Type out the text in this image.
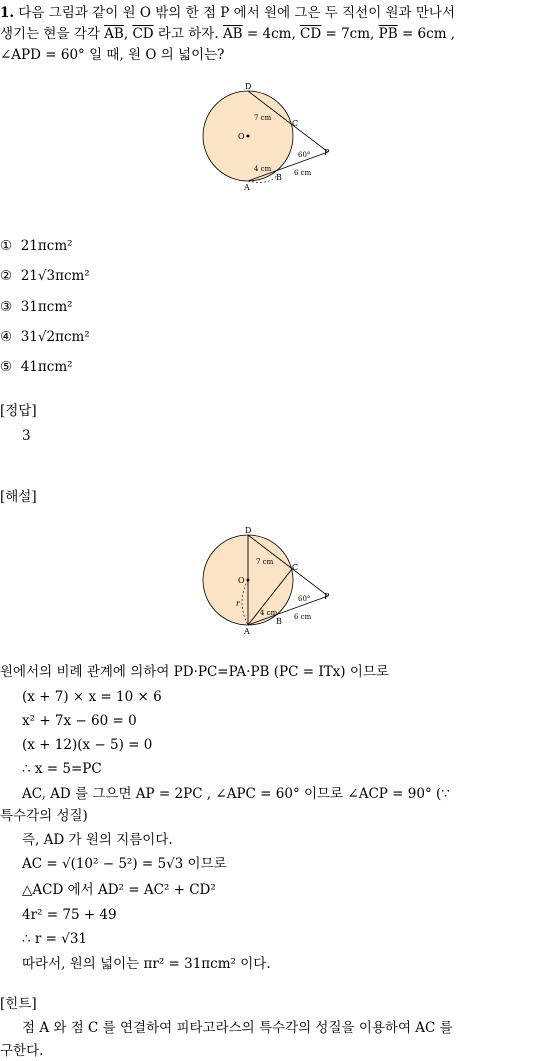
1. 다음 그림과 같이 원 O 밖의 한 점 P 에서 원에 그은 두 직선이 원과 만나서
생기는 현을 각각 $\overline{AB}$, $\overline{CD}$ 라고 하자. $\overline{AB} = 4cm$, $\overline{CD} = 7cm$, $\overline{PB} = 6cm$ ,
∠APD = 60° 일 때, 원 O 의 넓이는?
D
O
C
P
A
B
7 cm
4 cm	6 cm
60°
① 21πcm²
② 21√3πcm²
③ 31πcm²
④ 31√2πcm²
⑤ 41πcm²
[정답]
3
[해설]
D
O
C
P
A
B
7 cm
4 cm 6 cm
60°
r
원에서의 비례 관계에 의하여 PD·PC=PA·PB (PC = ITx) 이므로
(x + 7) × x = 10 × 6
x² + 7x − 60 = 0
(x + 12)(x − 5) = 0
∴ x = 5=PC
AC, AD 를 그으면 AP = 2PC , ∠APC = 60° 이므로 ∠ACP = 90° (∵
특수각의 성질)
즉, AD 가 원의 지름이다.
AC = √(10² − 5²) = 5√3 이므로
△ACD 에서 AD² = AC² + CD²
4r² = 75 + 49
∴ r = √31
따라서, 원의 넓이는 πr² = 31πcm² 이다.
[힌트]
점 A 와 점 C 를 연결하여 피타고라스의 특수각의 성질을 이용하여 AC 를
구한다.
